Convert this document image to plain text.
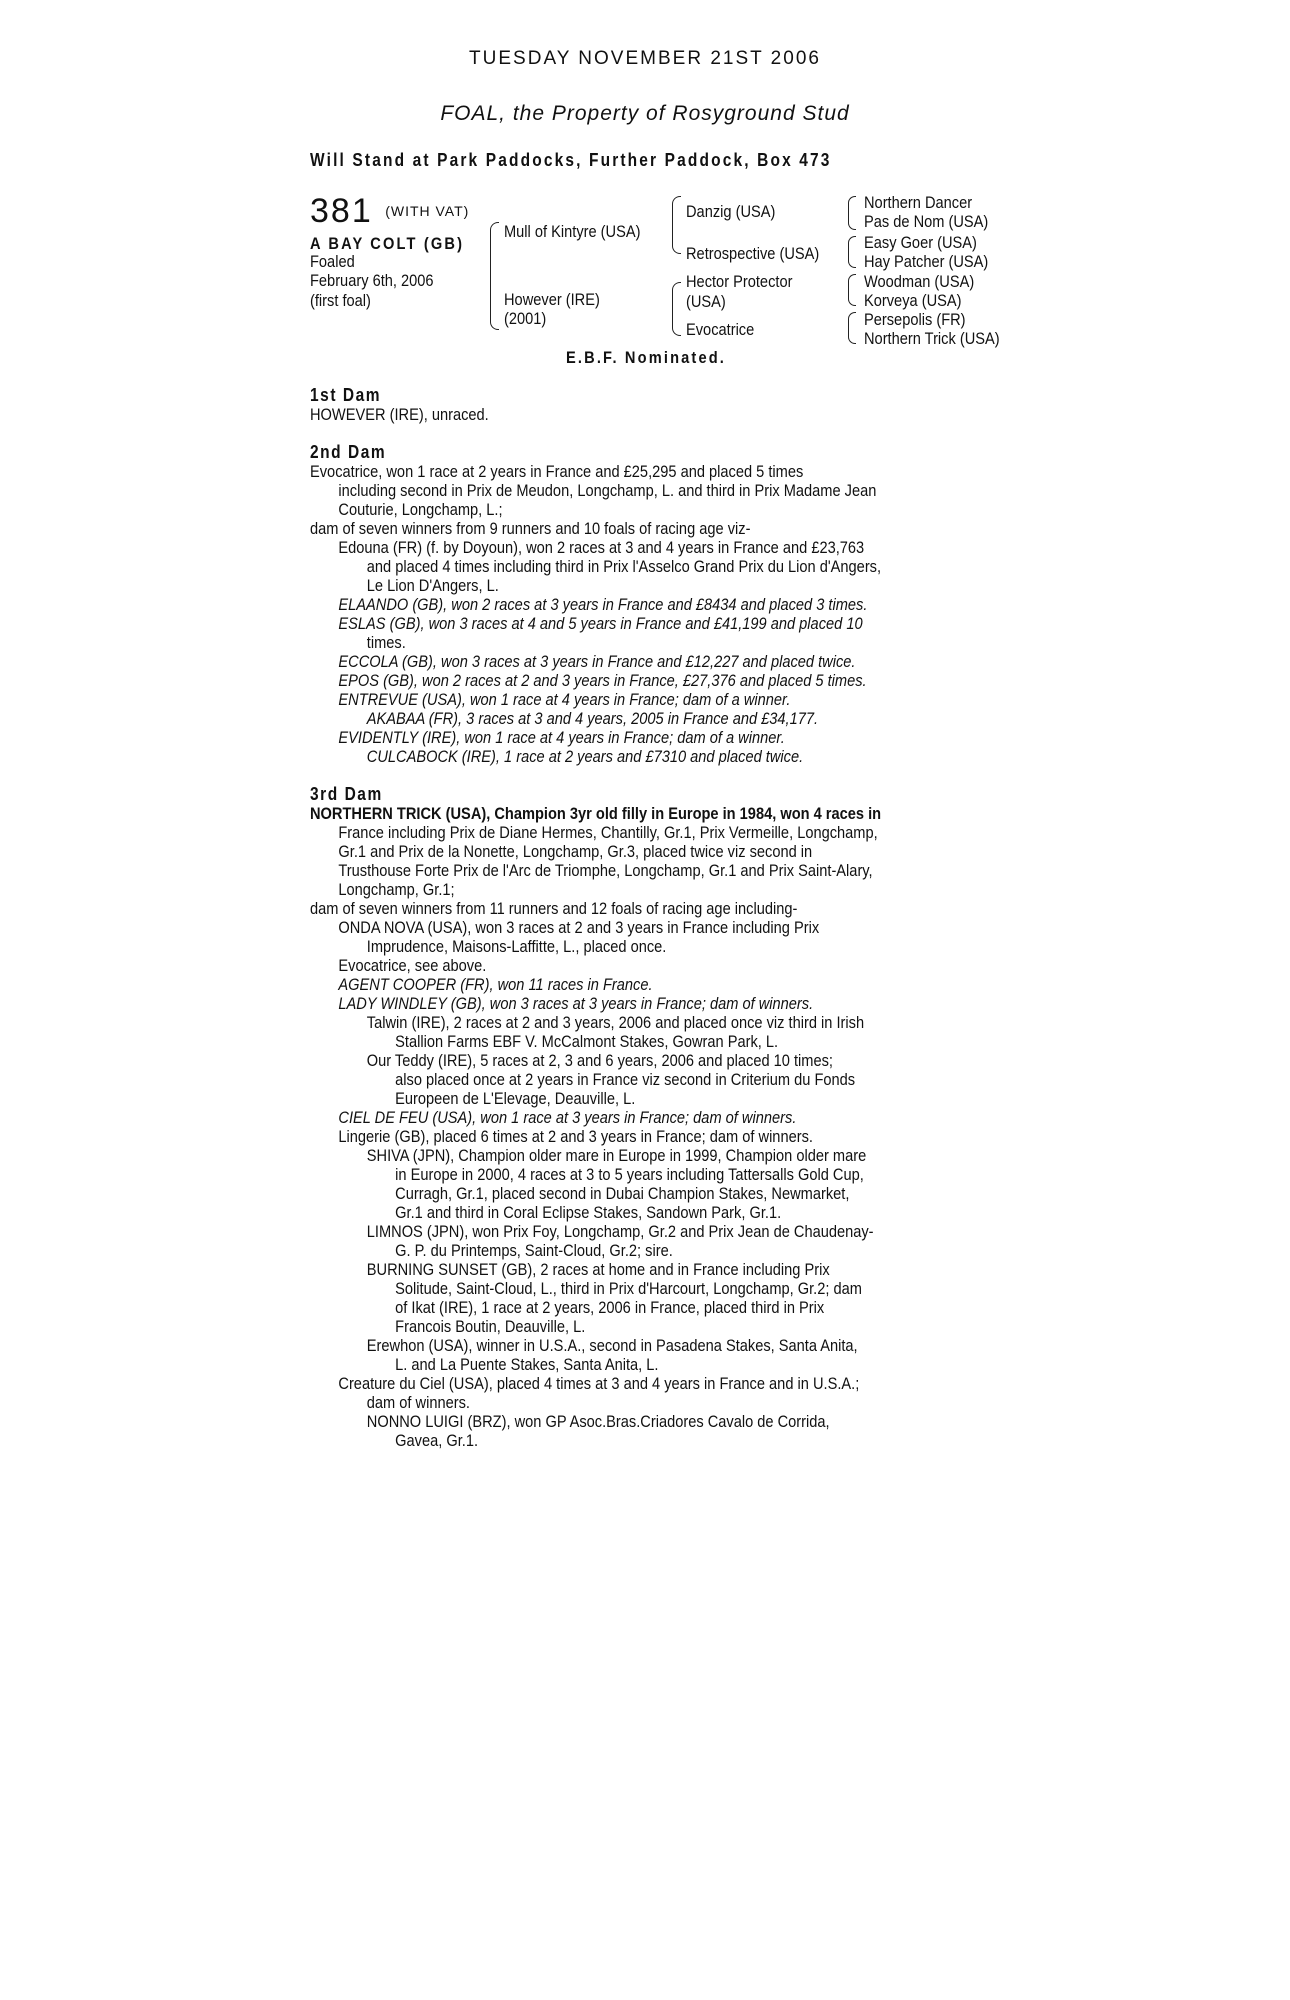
TUESDAY NOVEMBER 21ST 2006
FOAL, the Property of Rosyground Stud
Will Stand at Park Paddocks, Further Paddock, Box 473
381 (WITH VAT)
A BAY COLT (GB)
Foaled
February 6th, 2006
(first foal)
Mull of Kintyre (USA)
However (IRE)
(2001)
Danzig (USA)
Retrospective (USA)
Hector Protector
(USA)
Evocatrice
Northern Dancer
Pas de Nom (USA)
Easy Goer (USA)
Hay Patcher (USA)
Woodman (USA)
Korveya (USA)
Persepolis (FR)
Northern Trick (USA)
E.B.F. Nominated.
1st Dam
HOWEVER (IRE), unraced.
2nd Dam
Evocatrice, won 1 race at 2 years in France and £25,295 and placed 5 times
including second in Prix de Meudon, Longchamp, L. and third in Prix Madame Jean
Couturie, Longchamp, L.;
dam of seven winners from 9 runners and 10 foals of racing age viz-
Edouna (FR) (f. by Doyoun), won 2 races at 3 and 4 years in France and £23,763
and placed 4 times including third in Prix l'Asselco Grand Prix du Lion d'Angers,
Le Lion D'Angers, L.
ELAANDO (GB), won 2 races at 3 years in France and £8434 and placed 3 times.
ESLAS (GB), won 3 races at 4 and 5 years in France and £41,199 and placed 10
times.
ECCOLA (GB), won 3 races at 3 years in France and £12,227 and placed twice.
EPOS (GB), won 2 races at 2 and 3 years in France, £27,376 and placed 5 times.
ENTREVUE (USA), won 1 race at 4 years in France; dam of a winner.
AKABAA (FR), 3 races at 3 and 4 years, 2005 in France and £34,177.
EVIDENTLY (IRE), won 1 race at 4 years in France; dam of a winner.
CULCABOCK (IRE), 1 race at 2 years and £7310 and placed twice.
3rd Dam
NORTHERN TRICK (USA), Champion 3yr old filly in Europe in 1984, won 4 races in
France including Prix de Diane Hermes, Chantilly, Gr.1, Prix Vermeille, Longchamp,
Gr.1 and Prix de la Nonette, Longchamp, Gr.3, placed twice viz second in
Trusthouse Forte Prix de l'Arc de Triomphe, Longchamp, Gr.1 and Prix Saint-Alary,
Longchamp, Gr.1;
dam of seven winners from 11 runners and 12 foals of racing age including-
ONDA NOVA (USA), won 3 races at 2 and 3 years in France including Prix
Imprudence, Maisons-Laffitte, L., placed once.
Evocatrice, see above.
AGENT COOPER (FR), won 11 races in France.
LADY WINDLEY (GB), won 3 races at 3 years in France; dam of winners.
Talwin (IRE), 2 races at 2 and 3 years, 2006 and placed once viz third in Irish
Stallion Farms EBF V. McCalmont Stakes, Gowran Park, L.
Our Teddy (IRE), 5 races at 2, 3 and 6 years, 2006 and placed 10 times;
also placed once at 2 years in France viz second in Criterium du Fonds
Europeen de L'Elevage, Deauville, L.
CIEL DE FEU (USA), won 1 race at 3 years in France; dam of winners.
Lingerie (GB), placed 6 times at 2 and 3 years in France; dam of winners.
SHIVA (JPN), Champion older mare in Europe in 1999, Champion older mare
in Europe in 2000, 4 races at 3 to 5 years including Tattersalls Gold Cup,
Curragh, Gr.1, placed second in Dubai Champion Stakes, Newmarket,
Gr.1 and third in Coral Eclipse Stakes, Sandown Park, Gr.1.
LIMNOS (JPN), won Prix Foy, Longchamp, Gr.2 and Prix Jean de Chaudenay-
G. P. du Printemps, Saint-Cloud, Gr.2; sire.
BURNING SUNSET (GB), 2 races at home and in France including Prix
Solitude, Saint-Cloud, L., third in Prix d'Harcourt, Longchamp, Gr.2; dam
of Ikat (IRE), 1 race at 2 years, 2006 in France, placed third in Prix
Francois Boutin, Deauville, L.
Erewhon (USA), winner in U.S.A., second in Pasadena Stakes, Santa Anita,
L. and La Puente Stakes, Santa Anita, L.
Creature du Ciel (USA), placed 4 times at 3 and 4 years in France and in U.S.A.;
dam of winners.
NONNO LUIGI (BRZ), won GP Asoc.Bras.Criadores Cavalo de Corrida,
Gavea, Gr.1.
